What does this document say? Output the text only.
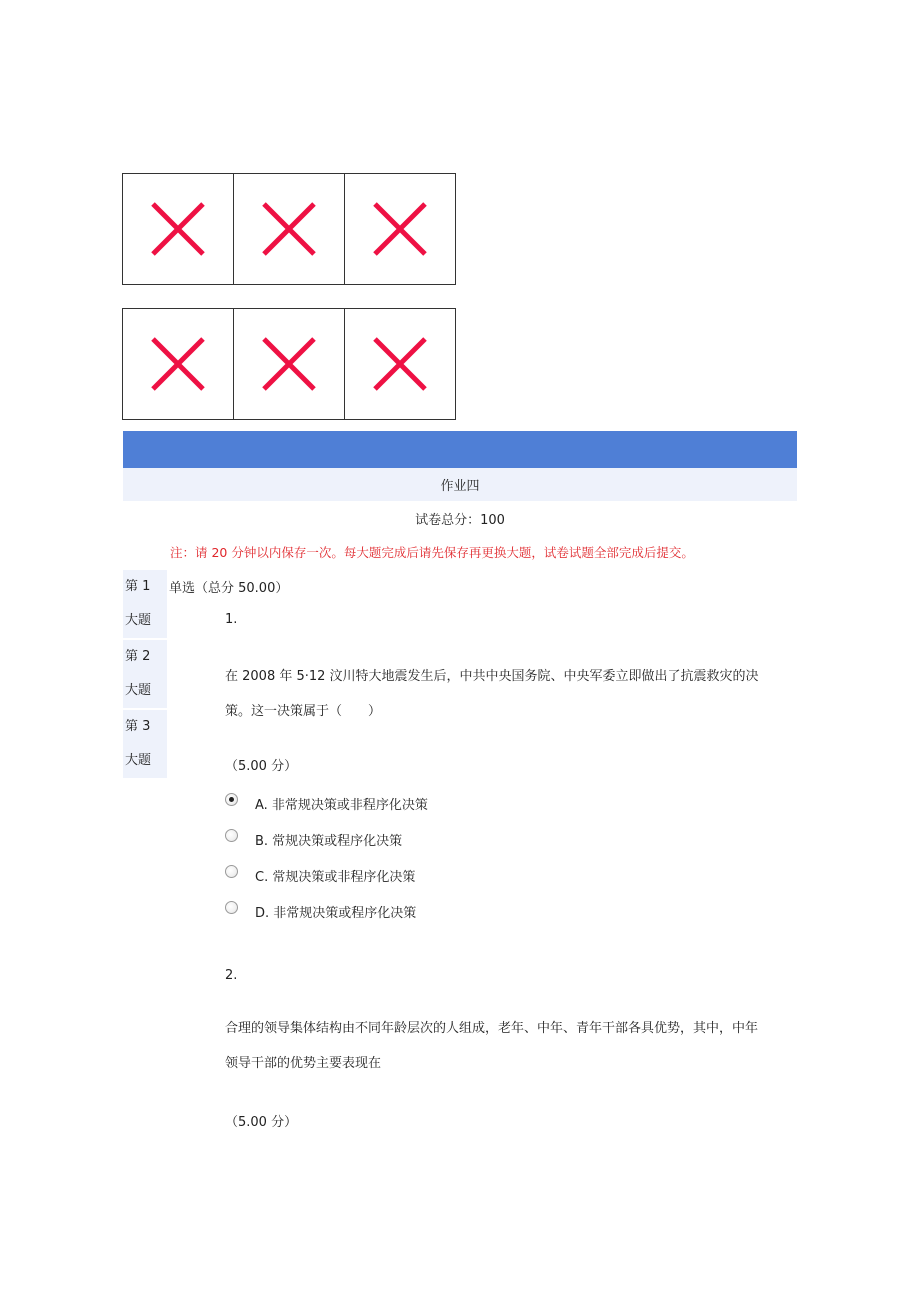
作业四
试卷总分：100
注：请 20 分钟以内保存一次。每大题完成后请先保存再更换大题，试卷试题全部完成后提交。
第 1
大题
第 2
大题
第 3
大题
单选（总分 50.00）
1.
在 2008 年 5·12 汶川特大地震发生后，中共中央国务院、中央军委立即做出了抗震救灾的决
策。这一决策属于（　　）
（5.00 分）
A. 非常规决策或非程序化决策
B. 常规决策或程序化决策
C. 常规决策或非程序化决策
D. 非常规决策或程序化决策
2.
合理的领导集体结构由不同年龄层次的人组成，老年、中年、青年干部各具优势，其中，中年
领导干部的优势主要表现在
（5.00 分）
